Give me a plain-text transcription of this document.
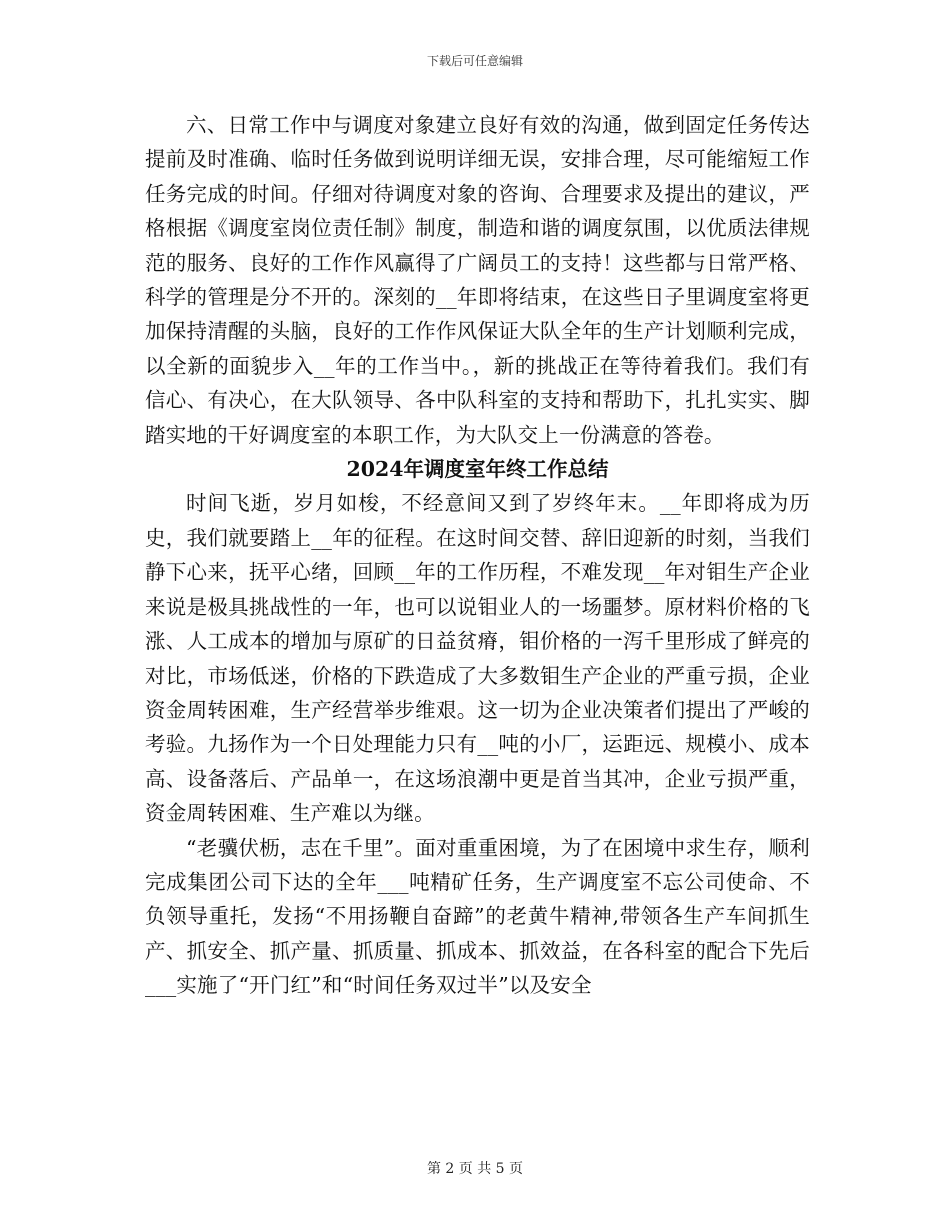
下载后可任意编辑

六、日常工作中与调度对象建立良好有效的沟通，做到固定任务传达提前及时准确、临时任务做到说明详细无误，安排合理，尽可能缩短工作任务完成的时间。仔细对待调度对象的咨询、合理要求及提出的建议，严格根据《调度室岗位责任制》制度，制造和谐的调度氛围，以优质法律规范的服务、良好的工作作风赢得了广阔员工的支持！这些都与日常严格、科学的管理是分不开的。深刻的__年即将结束，在这些日子里调度室将更加保持清醒的头脑，良好的工作作风保证大队全年的生产计划顺利完成，以全新的面貌步入__年的工作当中。，新的挑战正在等待着我们。我们有信心、有决心，在大队领导、各中队科室的支持和帮助下，扎扎实实、脚踏实地的干好调度室的本职工作，为大队交上一份满意的答卷。

2024年调度室年终工作总结

时间飞逝，岁月如梭，不经意间又到了岁终年末。__年即将成为历史，我们就要踏上__年的征程。在这时间交替、辞旧迎新的时刻，当我们静下心来，抚平心绪，回顾__年的工作历程，不难发现__年对钼生产企业来说是极具挑战性的一年，也可以说钼业人的一场噩梦。原材料价格的飞涨、人工成本的增加与原矿的日益贫瘠，钼价格的一泻千里形成了鲜亮的对比，市场低迷，价格的下跌造成了大多数钼生产企业的严重亏损，企业资金周转困难，生产经营举步维艰。这一切为企业决策者们提出了严峻的考验。九扬作为一个日处理能力只有__吨的小厂，运距远、规模小、成本高、设备落后、产品单一，在这场浪潮中更是首当其冲，企业亏损严重，资金周转困难、生产难以为继。

“老骥伏枥，志在千里”。面对重重困境，为了在困境中求生存，顺利完成集团公司下达的全年___吨精矿任务，生产调度室不忘公司使命、不负领导重托，发扬“不用扬鞭自奋蹄”的老黄牛精神,带领各生产车间抓生产、抓安全、抓产量、抓质量、抓成本、抓效益，在各科室的配合下先后___实施了“开门红”和“时间任务双过半”以及安全

第 2 页 共 5 页
